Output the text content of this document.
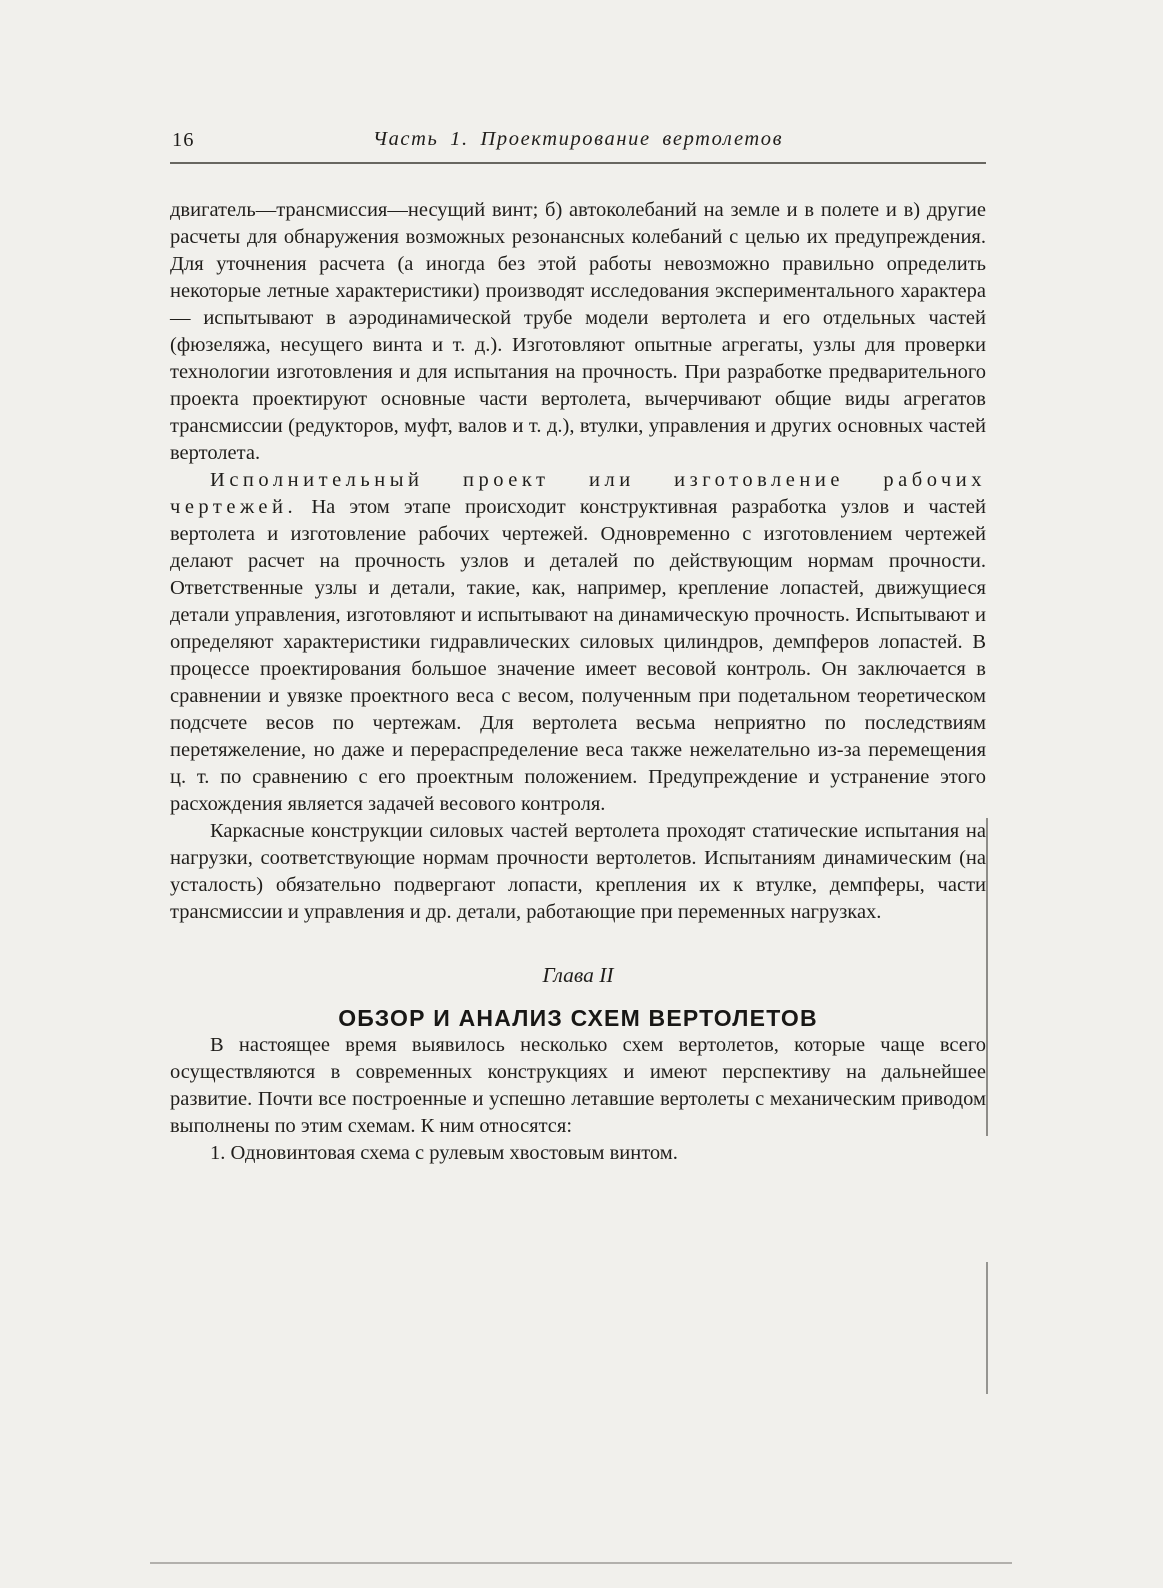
16	Часть 1. Проектирование вертолетов

двигатель—трансмиссия—несущий винт; б) автоколебаний на земле и в полете и в) другие расчеты для обнаружения возможных резонансных колебаний с целью их предупреждения. Для уточнения расчета (а иногда без этой работы невозможно правильно определить некоторые летные характеристики) производят исследования экспериментального характера — испытывают в аэродинамической трубе модели вертолета и его отдельных частей (фюзеляжа, несущего винта и т. д.). Изготовляют опытные агрегаты, узлы для проверки технологии изготовления и для испытания на прочность. При разработке предварительного проекта проектируют основные части вертолета, вычерчивают общие виды агрегатов трансмиссии (редукторов, муфт, валов и т. д.), втулки, управления и других основных частей вертолета.

Исполнительный проект или изготовление рабочих чертежей. На этом этапе происходит конструктивная разработка узлов и частей вертолета и изготовление рабочих чертежей. Одновременно с изготовлением чертежей делают расчет на прочность узлов и деталей по действующим нормам прочности. Ответственные узлы и детали, такие, как, например, крепление лопастей, движущиеся детали управления, изготовляют и испытывают на динамическую прочность. Испытывают и определяют характеристики гидравлических силовых цилиндров, демпферов лопастей. В процессе проектирования большое значение имеет весовой контроль. Он заключается в сравнении и увязке проектного веса с весом, полученным при подетальном теоретическом подсчете весов по чертежам. Для вертолета весьма неприятно по последствиям перетяжеление, но даже и перераспределение веса также нежелательно из-за перемещения ц. т. по сравнению с его проектным положением. Предупреждение и устранение этого расхождения является задачей весового контроля.

Каркасные конструкции силовых частей вертолета проходят статические испытания на нагрузки, соответствующие нормам прочности вертолетов. Испытаниям динамическим (на усталость) обязательно подвергают лопасти, крепления их к втулке, демпферы, части трансмиссии и управления и др. детали, работающие при переменных нагрузках.

Глава II
ОБЗОР И АНАЛИЗ СХЕМ ВЕРТОЛЕТОВ

В настоящее время выявилось несколько схем вертолетов, которые чаще всего осуществляются в современных конструкциях и имеют перспективу на дальнейшее развитие. Почти все построенные и успешно летавшие вертолеты с механическим приводом выполнены по этим схемам. К ним относятся:

1. Одновинтовая схема с рулевым хвостовым винтом.
